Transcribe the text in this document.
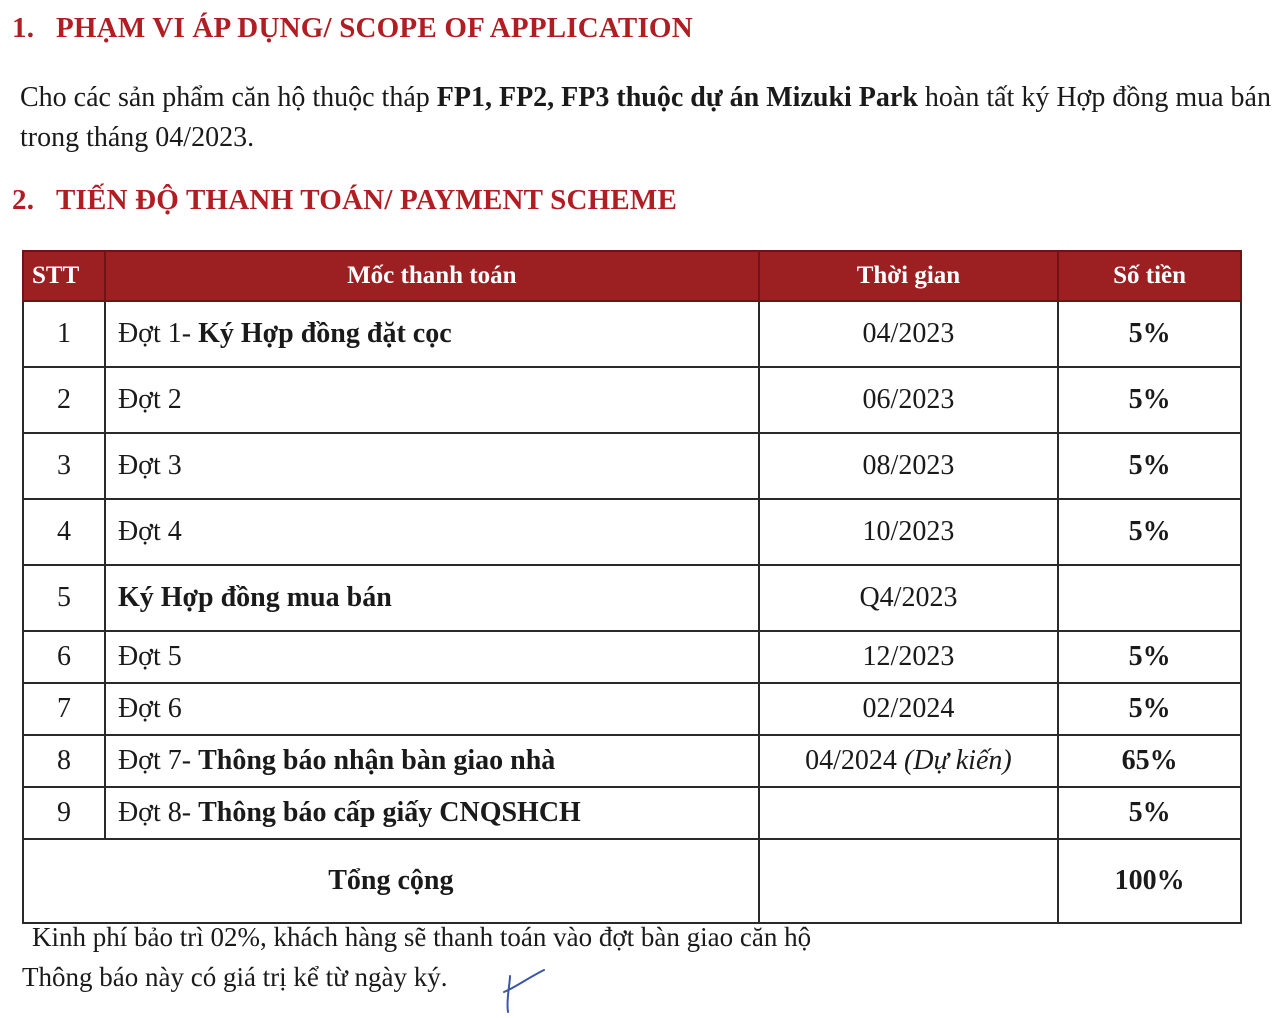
1. PHẠM VI ÁP DỤNG/ SCOPE OF APPLICATION
Cho các sản phẩm căn hộ thuộc tháp FP1, FP2, FP3 thuộc dự án Mizuki Park hoàn tất ký Hợp đồng mua bán trong tháng 04/2023.
2. TIẾN ĐỘ THANH TOÁN/ PAYMENT SCHEME
STT	Mốc thanh toán	Thời gian	Số tiền
1	Đợt 1- Ký Hợp đồng đặt cọc	04/2023	5%
2	Đợt 2	06/2023	5%
3	Đợt 3	08/2023	5%
4	Đợt 4	10/2023	5%
5	Ký Hợp đồng mua bán	Q4/2023	
6	Đợt 5	12/2023	5%
7	Đợt 6	02/2024	5%
8	Đợt 7- Thông báo nhận bàn giao nhà	04/2024 (Dự kiến)	65%
9	Đợt 8- Thông báo cấp giấy CNQSHCH		5%
Tổng cộng			100%
Kinh phí bảo trì 02%, khách hàng sẽ thanh toán vào đợt bàn giao căn hộ
Thông báo này có giá trị kể từ ngày ký.
